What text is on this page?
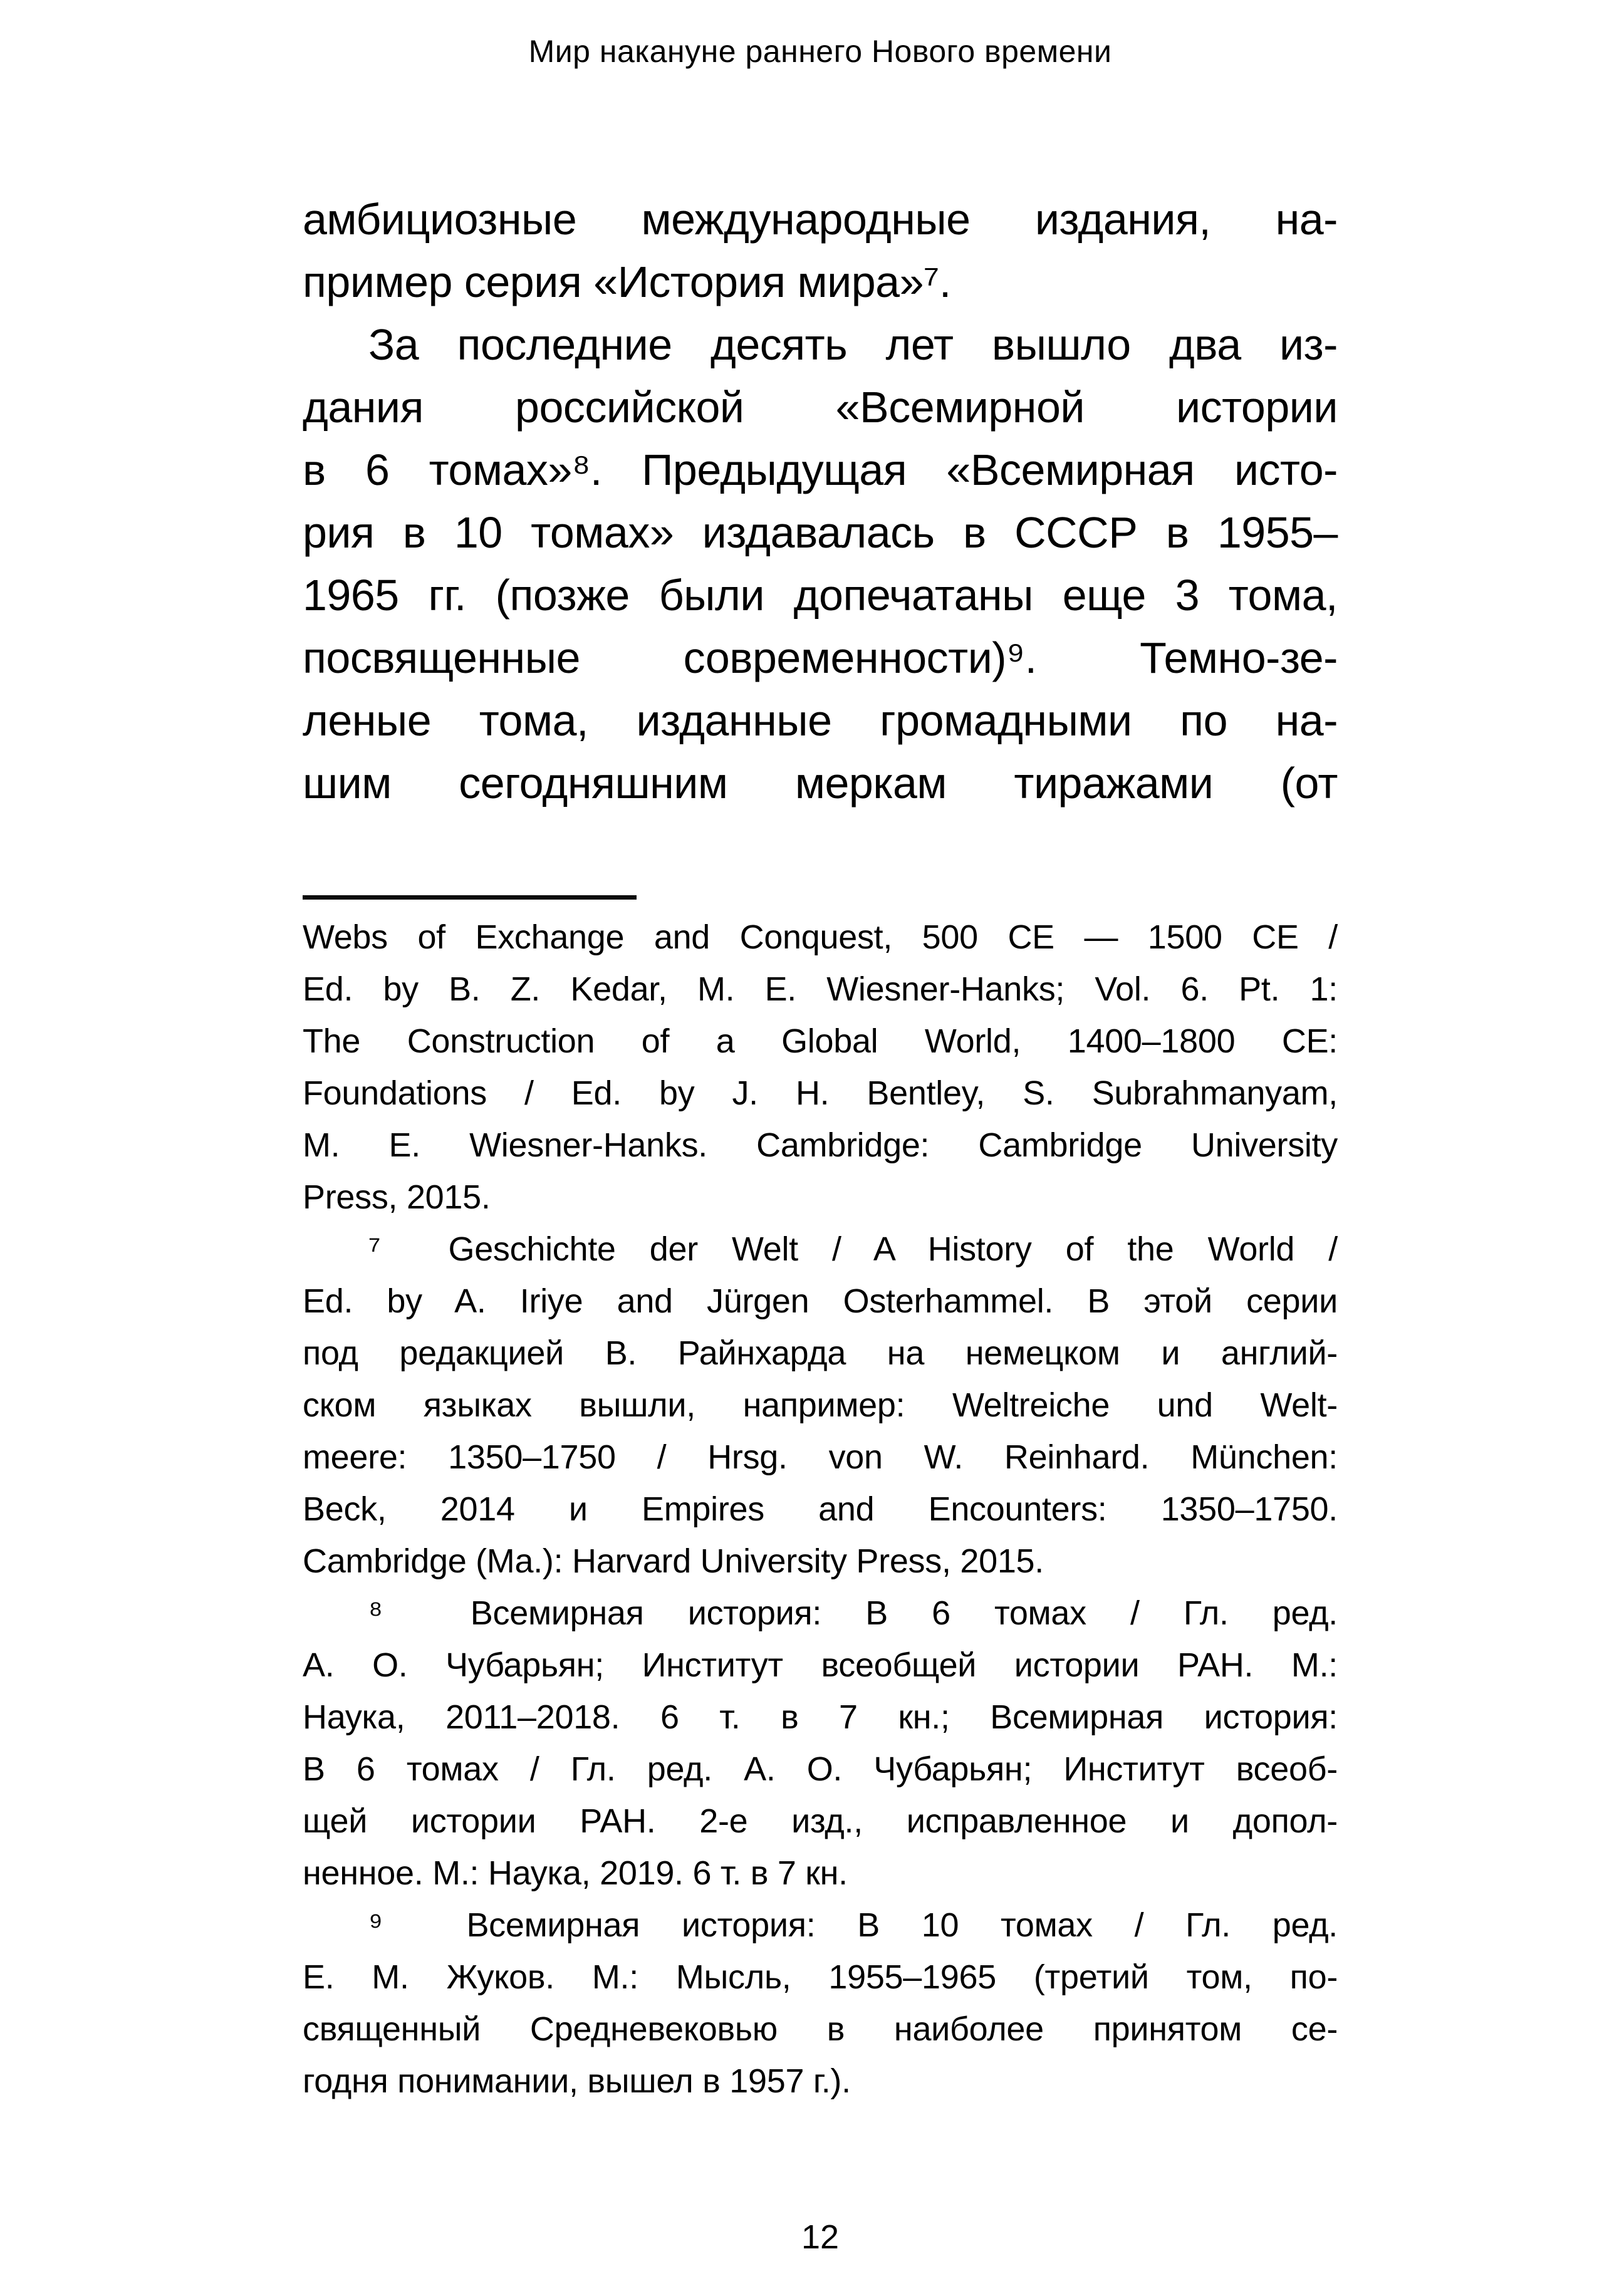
Мир накануне раннего Нового времени
амбициозные международные издания, на-
пример серия «История мира»⁷.
За последние десять лет вышло два из-
дания российской «Всемирной истории
в 6 томах»⁸. Предыдущая «Всемирная исто-
рия в 10 томах» издавалась в СССР в 1955–
1965 гг. (позже были допечатаны еще 3 тома,
посвященные современности)⁹. Темно-зе-
леные тома, изданные громадными по на-
шим сегодняшним меркам тиражами (от
Webs of Exchange and Conquest, 500 CE — 1500 CE /
Ed. by B. Z. Kedar, M. E. Wiesner-Hanks; Vol. 6. Pt. 1:
The Construction of a Global World, 1400–1800 CE:
Foundations / Ed. by J. H. Bentley, S. Subrahmanyam,
M. E. Wiesner-Hanks. Cambridge: Cambridge University
Press, 2015.
⁷  Geschichte der Welt / A History of the World /
Ed. by A. Iriye and Jürgen Osterhammel. В этой серии
под редакцией В. Райнхарда на немецком и англий-
ском языках вышли, например: Weltreiche und Welt-
meere: 1350–1750 / Hrsg. von W. Reinhard. München:
Beck, 2014 и Empires and Encounters: 1350–1750.
Cambridge (Ma.): Harvard University Press, 2015.
⁸  Всемирная история: В 6 томах / Гл. ред.
А. О. Чубарьян; Институт всеобщей истории РАН. М.:
Наука, 2011–2018. 6 т. в 7 кн.; Всемирная история:
В 6 томах / Гл. ред. А. О. Чубарьян; Институт всеоб-
щей истории РАН. 2-е изд., исправленное и допол-
ненное. М.: Наука, 2019. 6 т. в 7 кн.
⁹  Всемирная история: В 10 томах / Гл. ред.
Е. М. Жуков. М.: Мысль, 1955–1965 (третий том, по-
священный Средневековью в наиболее принятом се-
годня понимании, вышел в 1957 г.).
12
